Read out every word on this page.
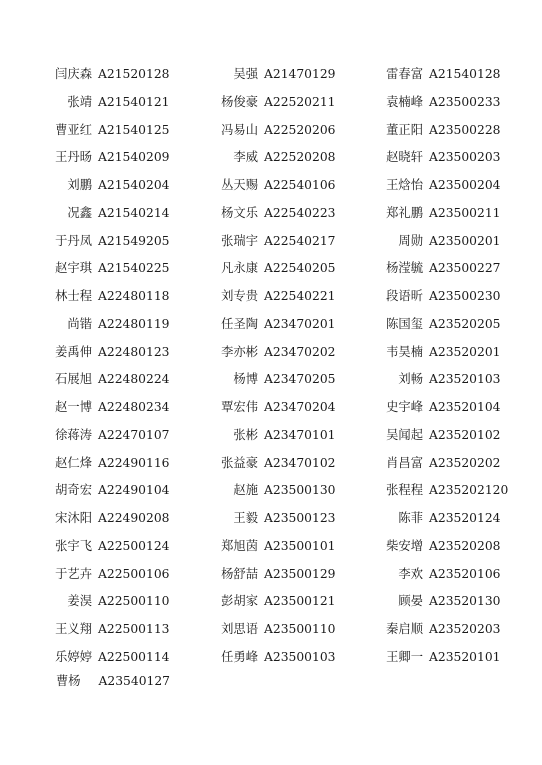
闫庆森 A21520128	吴强 A21470129	雷春富 A21540128
张靖 A21540121	杨俊豪 A22520211	袁楠峰 A23500233
曹亚红 A21540125	冯易山 A22520206	董正阳 A23500228
王丹旸 A21540209	李威 A22520208	赵晓轩 A23500203
刘鹏 A21540204	丛天赐 A22540106	王焓怡 A23500204
况鑫 A21540214	杨文乐 A22540223	郑礼鹏 A23500211
于丹凤 A21549205	张瑞宇 A22540217	周勋 A23500201
赵宇琪 A21540225	凡永康 A22540205	杨滢毓 A23500227
林士程 A22480118	刘专贵 A22540221	段语昕 A23500230
尚锴 A22480119	任圣陶 A23470201	陈国玺 A23520205
姜禹伸 A22480123	李亦彬 A23470202	韦昊楠 A23520201
石展旭 A22480224	杨博 A23470205	刘畅 A23520103
赵一博 A22480234	覃宏伟 A23470204	史宇峰 A23520104
徐蒋涛 A22470107	张彬 A23470101	吴闻起 A23520102
赵仁烽 A22490116	张益豪 A23470102	肖昌富 A23520202
胡奇宏 A22490104	赵施 A23500130	张程程 A235202120
宋沐阳 A22490208	王毅 A23500123	陈菲 A23520124
张宇飞 A22500124	郑旭茵 A23500101	柴安增 A23520208
于艺卉 A22500106	杨舒喆 A23500129	李欢 A23520106
姜淏 A22500110	彭胡家 A23500121	顾晏 A23520130
王义翔 A22500113	刘思语 A23500110	秦启顺 A23520203
乐婷婷 A22500114	任勇峰 A23500103	王卿一 A23520101
曹杨 A23540127
